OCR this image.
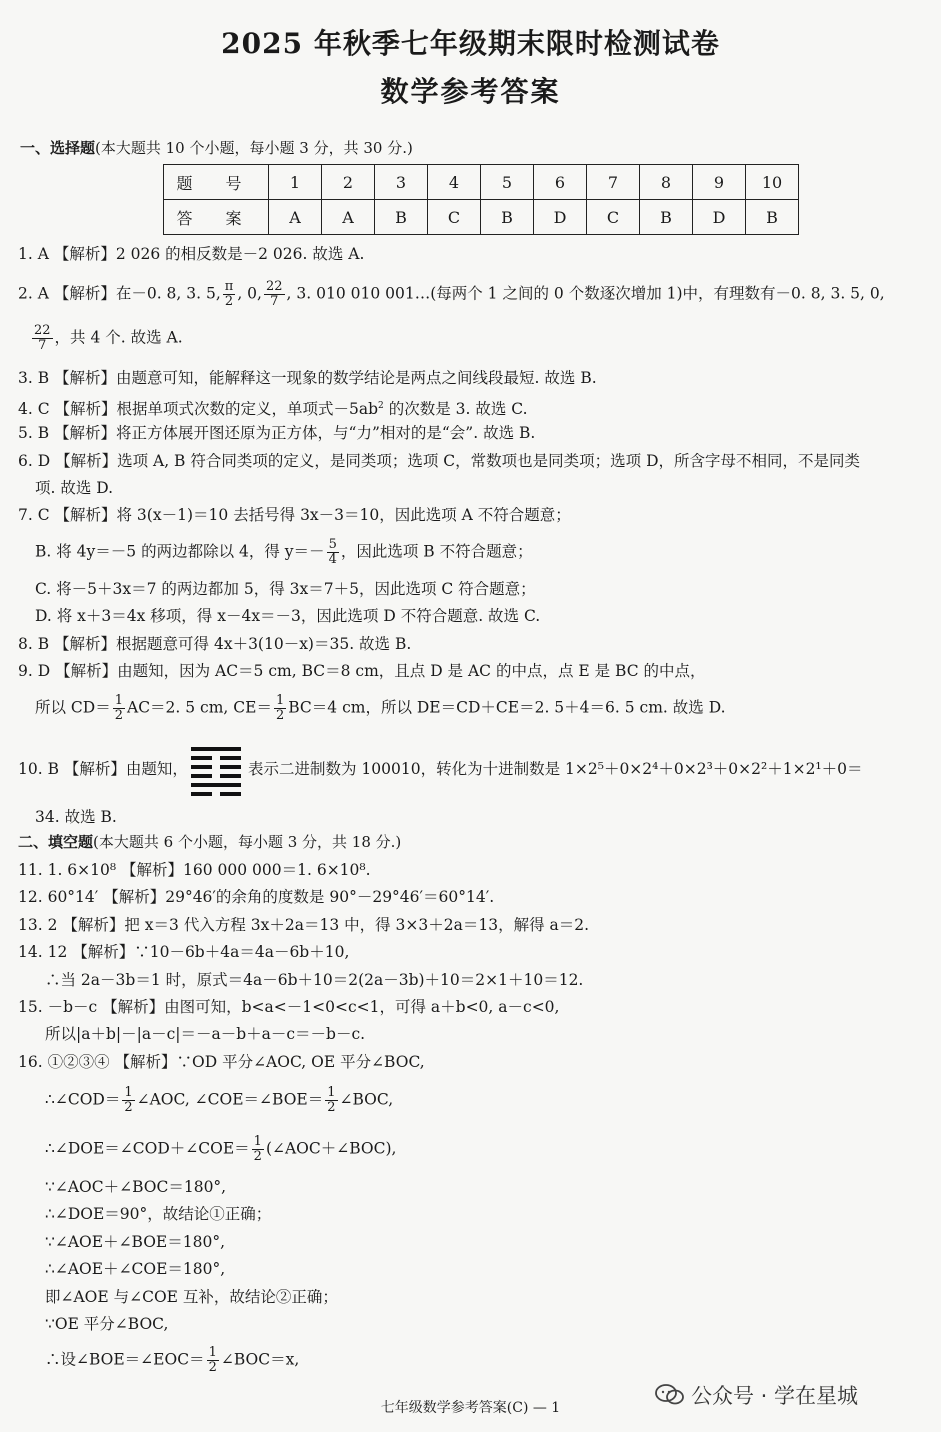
2025 年秋季七年级期末限时检测试卷
数学参考答案
一、选择题(本大题共 10 个小题，每小题 3 分，共 30 分.)
题 号	1	2	3	4	5	6	7	8	9	10
答 案	A	A	B	C	B	D	C	B	D	B
1. A 【解析】2 026 的相反数是－2 026. 故选 A.
2. A 【解析】在－0. 8, 3. 5, $\frac{\pi}{2}$ , 0, $\frac{22}{7}$ , 3. 010 010 001…(每两个 1 之间的 0 个数逐次增加 1)中，有理数有－0. 8, 3. 5, 0,
$\frac{22}{7}$ ，共 4 个. 故选 A.
3. B 【解析】由题意可知，能解释这一现象的数学结论是两点之间线段最短. 故选 B.
4. C 【解析】根据单项式次数的定义，单项式$-5ab^2$ 的次数是 3. 故选 C.
5. B 【解析】将正方体展开图还原为正方体，与“力”相对的是“会”. 故选 B.
6. D 【解析】选项 A, B 符合同类项的定义，是同类项；选项 C，常数项也是同类项；选项 D，所含字母不相同，不是同类
项. 故选 D.
7. C 【解析】将 3(x－1)＝10 去括号得 3x－3＝10，因此选项 A 不符合题意；
B. 将 4y＝－5 的两边都除以 4，得 $y=- \frac{5}{4}$ ，因此选项 B 不符合题意；
C. 将－5＋3x＝7 的两边都加 5，得 3x＝7＋5，因此选项 C 符合题意；
D. 将 x＋3＝4x 移项，得 x－4x＝－3，因此选项 D 不符合题意. 故选 C.
8. B 【解析】根据题意可得 4x＋3(10－x)＝35. 故选 B.
9. D 【解析】由题知，因为 AC＝5 cm, BC＝8 cm，且点 D 是 AC 的中点，点 E 是 BC 的中点，
所以 $CD= \frac{1}{2} AC=2$. 5 cm, $CE= \frac{1}{2} BC=4$ cm，所以 DE＝CD＋CE＝2. 5＋4＝6. 5 cm. 故选 D.
10. B 【解析】由题知，	表示二进制数为 100010，转化为十进制数是 1×2⁵＋0×2⁴＋0×2³＋0×2²＋1×2¹＋0＝
34. 故选 B.
二、填空题(本大题共 6 个小题，每小题 3 分，共 18 分.)
11. 1. 6×10⁸ 【解析】160 000 000＝1. 6×10⁸.
12. 60°14′ 【解析】29°46′的余角的度数是 90°－29°46′＝60°14′.
13. 2 【解析】把 x＝3 代入方程 3x＋2a＝13 中，得 3×3＋2a＝13，解得 a＝2.
14. 12 【解析】∵10－6b＋4a＝4a－6b＋10,
∴当 2a－3b＝1 时，原式＝4a－6b＋10＝2(2a－3b)＋10＝2×1＋10＝12.
15. －b－c 【解析】由图可知，b<a<－1<0<c<1，可得 a＋b<0, a－c<0,
所以|a＋b|－|a－c|＝－a－b＋a－c＝－b－c.
16. ①②③④ 【解析】∵OD 平分∠AOC, OE 平分∠BOC,
∴∠COD＝ $\frac{1}{2}$ ∠AOC, ∠COE＝∠BOE＝ $\frac{1}{2}$ ∠BOC,
∴∠DOE＝∠COD＋∠COE＝ $\frac{1}{2}$ (∠AOC＋∠BOC),
∵∠AOC＋∠BOC＝180°,
∴∠DOE＝90°，故结论①正确；
∵∠AOE＋∠BOE＝180°,
∴∠AOE＋∠COE＝180°,
即∠AOE 与∠COE 互补，故结论②正确；
∵OE 平分∠BOC,
∴设∠BOE＝∠EOC＝ $\frac{1}{2}$ ∠BOC＝x,
七年级数学参考答案(C) — 1	公众号 · 学在星城
